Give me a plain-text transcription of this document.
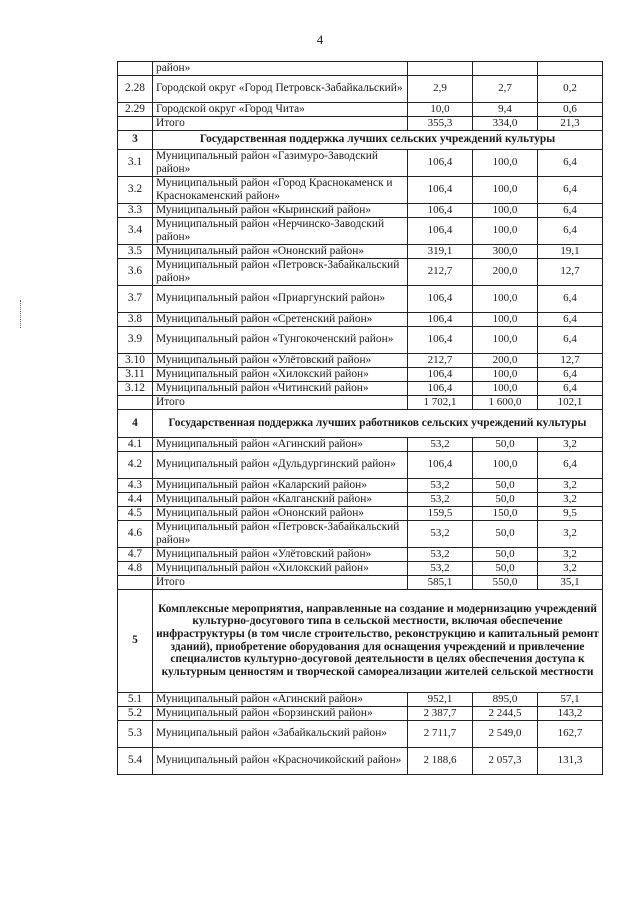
4
	район»			
2.28	Городской округ «Город Петровск-Забайкальский»	2,9	2,7	0,2
2.29	Городской округ «Город Чита»	10,0	9,4	0,6
	Итого	355,3	334,0	21,3
3	Государственная поддержка лучших сельских учреждений культуры			
3.1	Муниципальный район «Газимуро-Заводский район»	106,4	100,0	6,4
3.2	Муниципальный район «Город Краснокаменск и Краснокаменский район»	106,4	100,0	6,4
3.3	Муниципальный район «Кыринский район»	106,4	100,0	6,4
3.4	Муниципальный район «Нерчинско-Заводский район»	106,4	100,0	6,4
3.5	Муниципальный район «Ононский район»	319,1	300,0	19,1
3.6	Муниципальный район «Петровск-Забайкальский район»	212,7	200,0	12,7
3.7	Муниципальный район «Приаргунский район»	106,4	100,0	6,4
3.8	Муниципальный район «Сретенский район»	106,4	100,0	6,4
3.9	Муниципальный район «Тунгокоченский район»	106,4	100,0	6,4
3.10	Муниципальный район «Улётовский район»	212,7	200,0	12,7
3.11	Муниципальный район «Хилокский район»	106,4	100,0	6,4
3.12	Муниципальный район «Читинский район»	106,4	100,0	6,4
	Итого	1 702,1	1 600,0	102,1
4	Государственная поддержка лучших работников сельских учреждений культуры			
4.1	Муниципальный район «Агинский район»	53,2	50,0	3,2
4.2	Муниципальный район «Дульдургинский район»	106,4	100,0	6,4
4.3	Муниципальный район «Каларский район»	53,2	50,0	3,2
4.4	Муниципальный район «Калганский район»	53,2	50,0	3,2
4.5	Муниципальный район «Ононский район»	159,5	150,0	9,5
4.6	Муниципальный район «Петровск-Забайкальский район»	53,2	50,0	3,2
4.7	Муниципальный район «Улётовский район»	53,2	50,0	3,2
4.8	Муниципальный район «Хилокский район»	53,2	50,0	3,2
	Итого	585,1	550,0	35,1
5	Комплексные мероприятия, направленные на создание и модернизацию учреждений культурно-досугового типа в сельской местности, включая обеспечение инфраструктуры (в том числе строительство, реконструкцию и капитальный ремонт зданий), приобретение оборудования для оснащения учреждений и привлечение специалистов культурно-досуговой деятельности в целях обеспечения доступа к культурным ценностям и творческой самореализации жителей сельской местности			
5.1	Муниципальный район «Агинский район»	952,1	895,0	57,1
5.2	Муниципальный район «Борзинский район»	2 387,7	2 244,5	143,2
5.3	Муниципальный район «Забайкальский район»	2 711,7	2 549,0	162,7
5.4	Муниципальный район «Красночикойский район»	2 188,6	2 057,3	131,3
